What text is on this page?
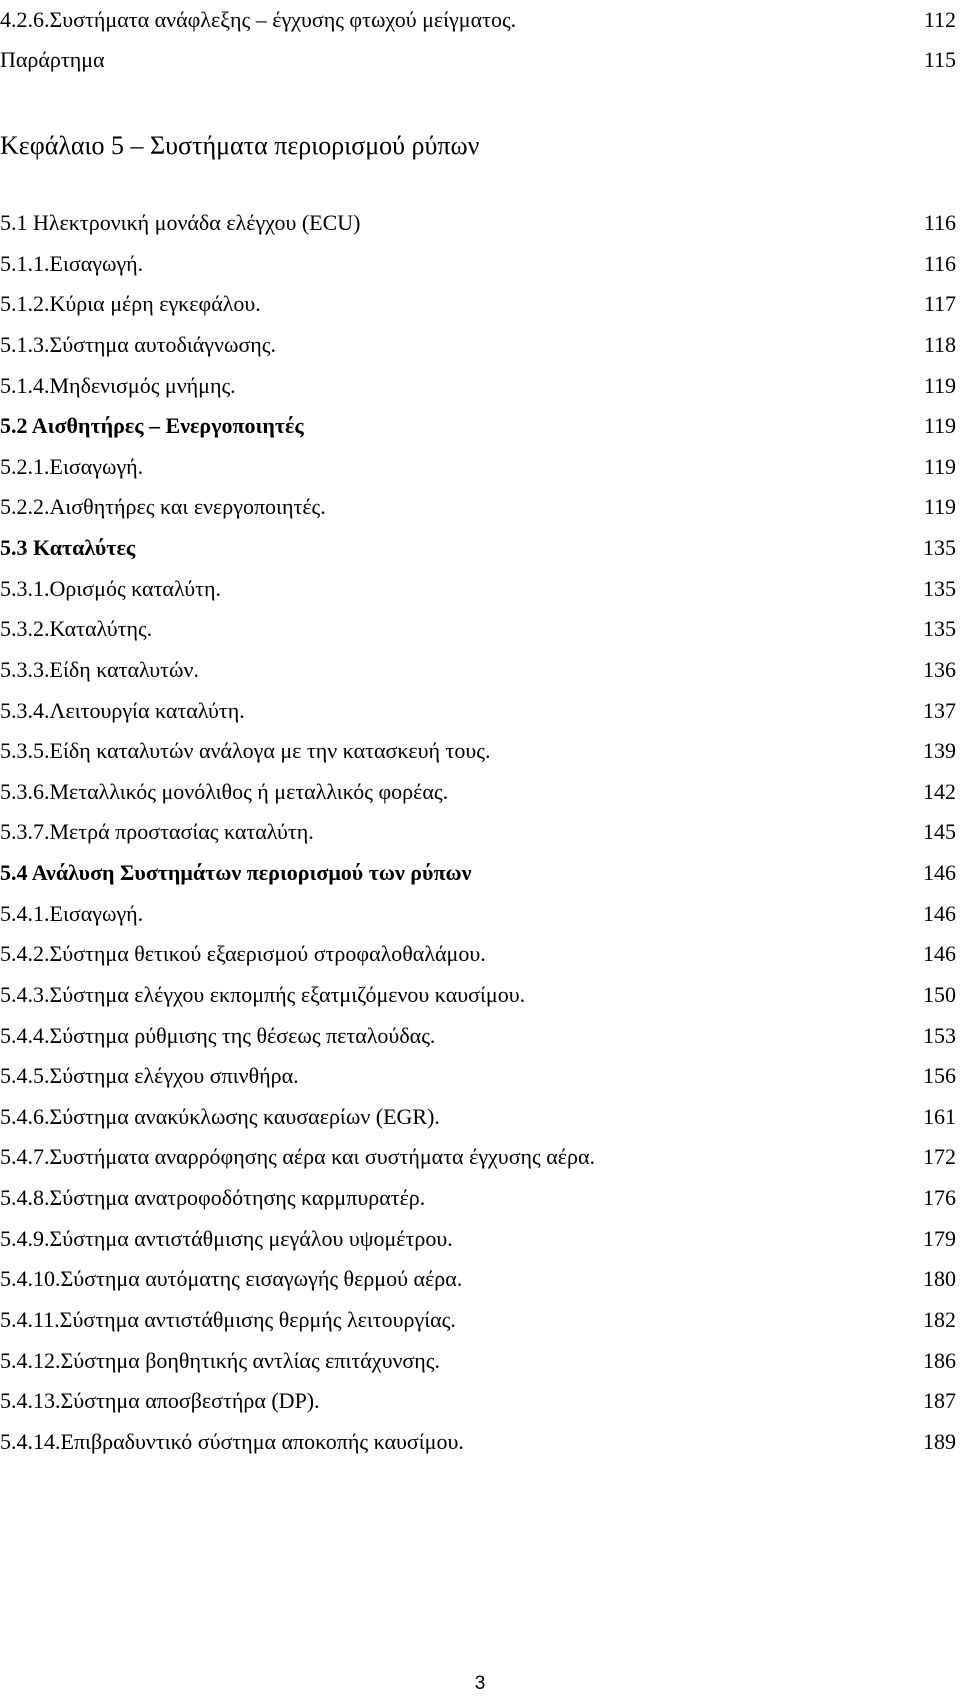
4.2.6.Συστήματα ανάφλεξης – έγχυσης φτωχού μείγματος.	112
Παράρτημα	115
Κεφάλαιο 5 – Συστήματα περιορισμού ρύπων
5.1 Ηλεκτρονική μονάδα ελέγχου (ECU)	116
5.1.1.Εισαγωγή.	116
5.1.2.Κύρια μέρη εγκεφάλου.	117
5.1.3.Σύστημα αυτοδιάγνωσης.	118
5.1.4.Μηδενισμός μνήμης.	119
5.2 Αισθητήρες – Ενεργοποιητές	119
5.2.1.Εισαγωγή.	119
5.2.2.Αισθητήρες και ενεργοποιητές.	119
5.3 Καταλύτες	135
5.3.1.Ορισμός καταλύτη.	135
5.3.2.Καταλύτης.	135
5.3.3.Είδη καταλυτών.	136
5.3.4.Λειτουργία καταλύτη.	137
5.3.5.Είδη καταλυτών ανάλογα με την κατασκευή τους.	139
5.3.6.Μεταλλικός μονόλιθος ή μεταλλικός φορέας.	142
5.3.7.Μετρά προστασίας καταλύτη.	145
5.4 Ανάλυση Συστημάτων περιορισμού των ρύπων	146
5.4.1.Εισαγωγή.	146
5.4.2.Σύστημα θετικού εξαερισμού στροφαλοθαλάμου.	146
5.4.3.Σύστημα ελέγχου εκπομπής εξατμιζόμενου καυσίμου.	150
5.4.4.Σύστημα ρύθμισης της θέσεως πεταλούδας.	153
5.4.5.Σύστημα ελέγχου σπινθήρα.	156
5.4.6.Σύστημα ανακύκλωσης καυσαερίων (EGR).	161
5.4.7.Συστήματα αναρρόφησης αέρα και συστήματα έγχυσης αέρα.	172
5.4.8.Σύστημα ανατροφοδότησης καρμπυρατέρ.	176
5.4.9.Σύστημα αντιστάθμισης μεγάλου υψομέτρου.	179
5.4.10.Σύστημα αυτόματης εισαγωγής θερμού αέρα.	180
5.4.11.Σύστημα αντιστάθμισης θερμής λειτουργίας.	182
5.4.12.Σύστημα βοηθητικής αντλίας επιτάχυνσης.	186
5.4.13.Σύστημα αποσβεστήρα (DP).	187
5.4.14.Επιβραδυντικό σύστημα αποκοπής καυσίμου.	189
3
